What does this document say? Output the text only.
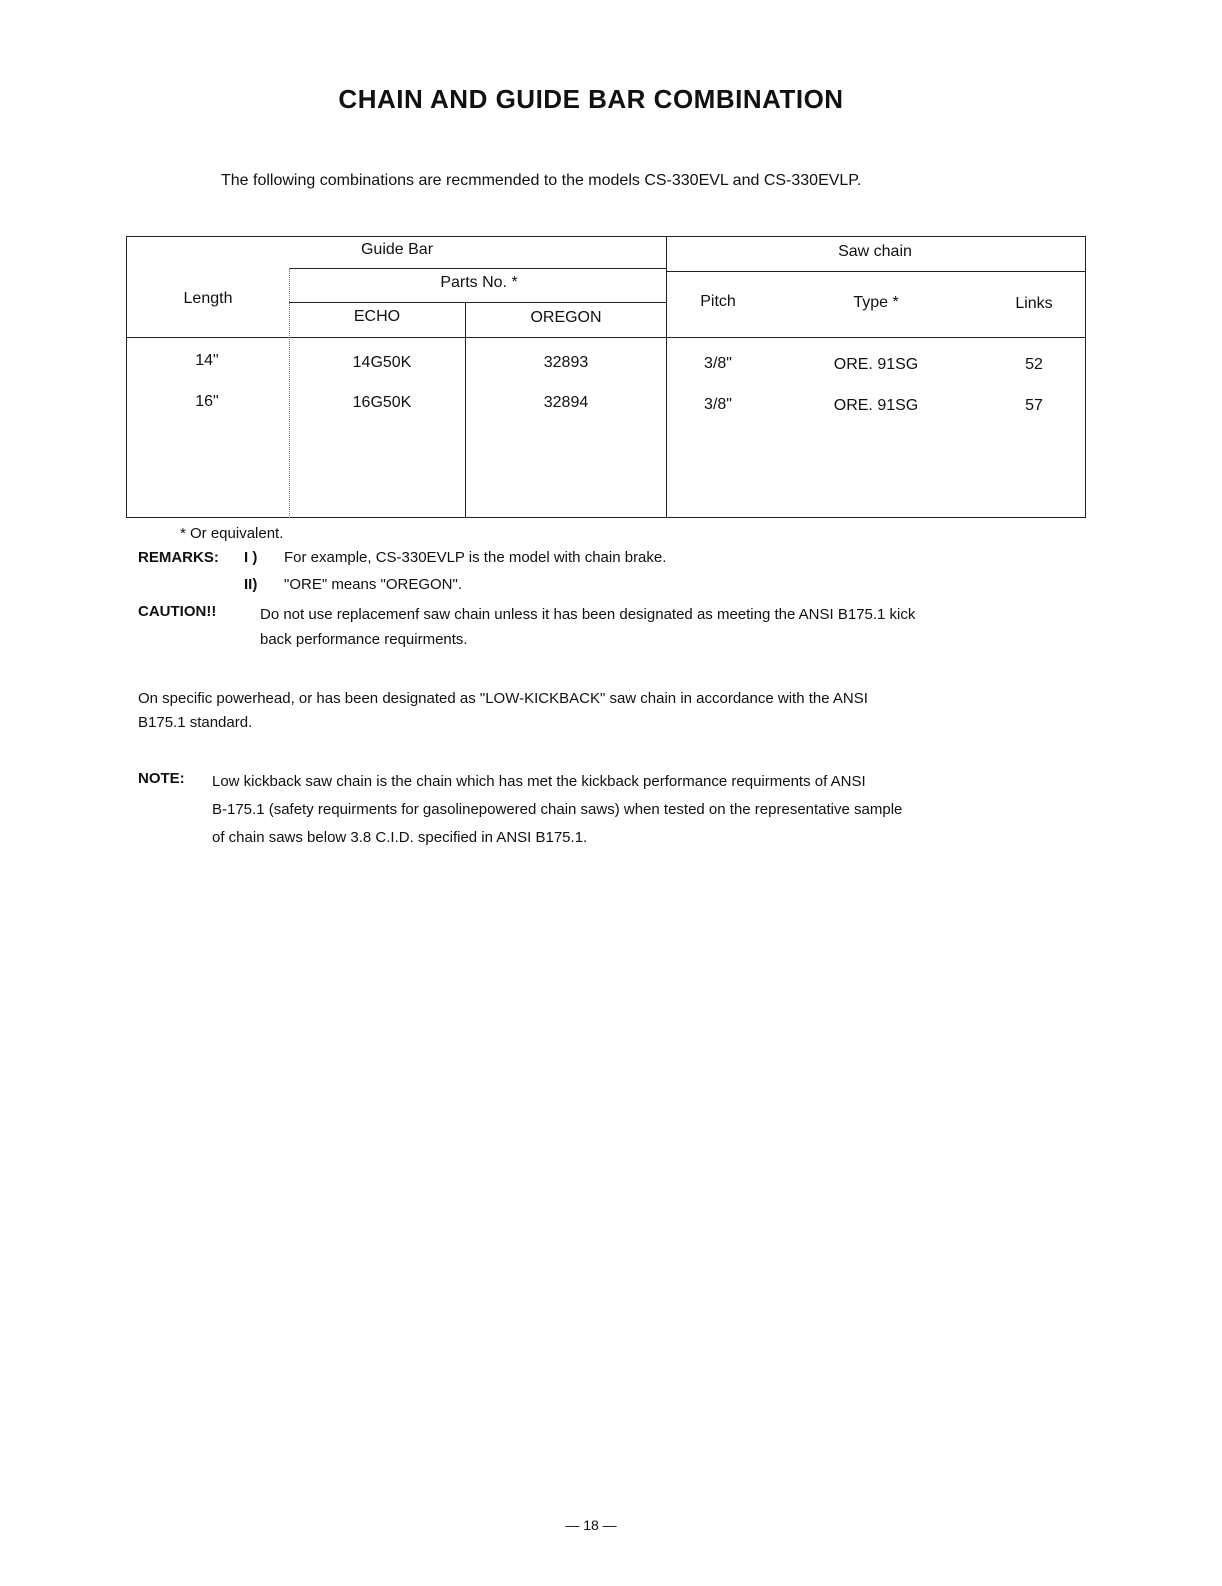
CHAIN AND GUIDE BAR COMBINATION
The following combinations are recmmended to the models CS-330EVL and CS-330EVLP.
Guide Bar	Saw chain
Parts No. *
Length
ECHO	OREGON
Pitch	Type *	Links
14"	14G50K	32893	3/8"	ORE. 91SG	52
16"	16G50K	32894	3/8"	ORE. 91SG	57
* Or equivalent.
REMARKS: I ) For example, CS-330EVLP is the model with chain brake.
II) "ORE" means "OREGON".
CAUTION!!	Do not use replacemenf saw chain unless it has been designated as meeting the ANSI B175.1 kick
back performance requirments.
On specific powerhead, or has been designated as "LOW-KICKBACK" saw chain in accordance with the ANSI
B175.1 standard.
NOTE: Low kickback saw chain is the chain which has met the kickback performance requirments of ANSI
B-175.1 (safety requirments for gasolinepowered chain saws) when tested on the representative sample
of chain saws below 3.8 C.I.D. specified in ANSI B175.1.
— 18 —
